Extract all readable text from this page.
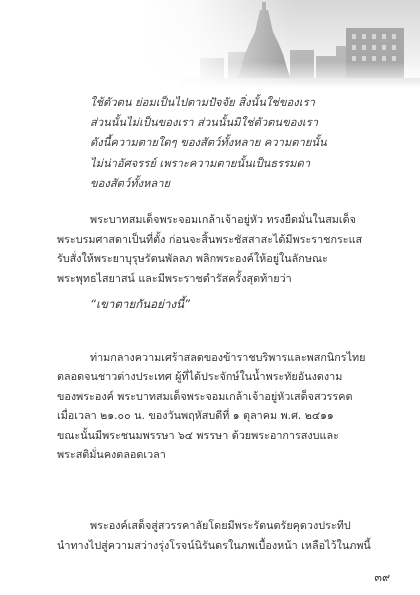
ใช้ตัวตน ย่อมเป็นไปตามปัจจัย สิ่งนั้นใช่ของเรา

ส่วนนั้นไม่เป็นของเรา ส่วนนั้นมิใช่ตัวตนของเรา

ดังนี้ความตายใดๆ ของสัตว์ทั้งหลาย ความตายนั้น

ไม่น่าอัศจรรย์ เพราะความตายนั้นเป็นธรรมดา

ของสัตว์ทั้งหลาย

พระบาทสมเด็จพระจอมเกล้าเจ้าอยู่หัว ทรงยืดมั่นในสมเด็จ

พระบรมศาสดาเป็นที่ตั้ง ก่อนจะสิ้นพระชัสสาสะได้มีพระราชกระแส

รับสั่งให้พระยาบุรุษรัตนพัลลภ พลิกพระองค์ให้อยู่ในลักษณะ

พระพุทธไสยาสน์ และมีพระราชดำรัสครั้งสุดท้ายว่า

“เขาตายกันอย่างนี้”

ท่ามกลางความเศร้าสลดของข้าราชบริพารและพสกนิกรไทย

ตลอดจนชาวต่างประเทศ ผู้ที่ได้ประจักษ์ในน้ำพระทัยอันงดงาม

ของพระองค์ พระบาทสมเด็จพระจอมเกล้าเจ้าอยู่หัวเสด็จสวรรคต

เมื่อเวลา ๒๑.๐๐ น. ของวันพฤหัสบดีที่ ๑ ตุลาคม พ.ศ. ๒๔๑๑

ขณะนั้นมีพระชนมพรรษา ๖๔ พรรษา ด้วยพระอาการสงบและ

พระสติมั่นคงตลอดเวลา

พระองค์เสด็จสู่สวรรคาลัยโดยมีพระรัตนตรัยคุดวงประทีป

นำทางไปสู่ความสว่างรุ่งโรจน์นิรันดรในภพเบื้องหน้า เหลือไว้ในภพนี้

๓๙
